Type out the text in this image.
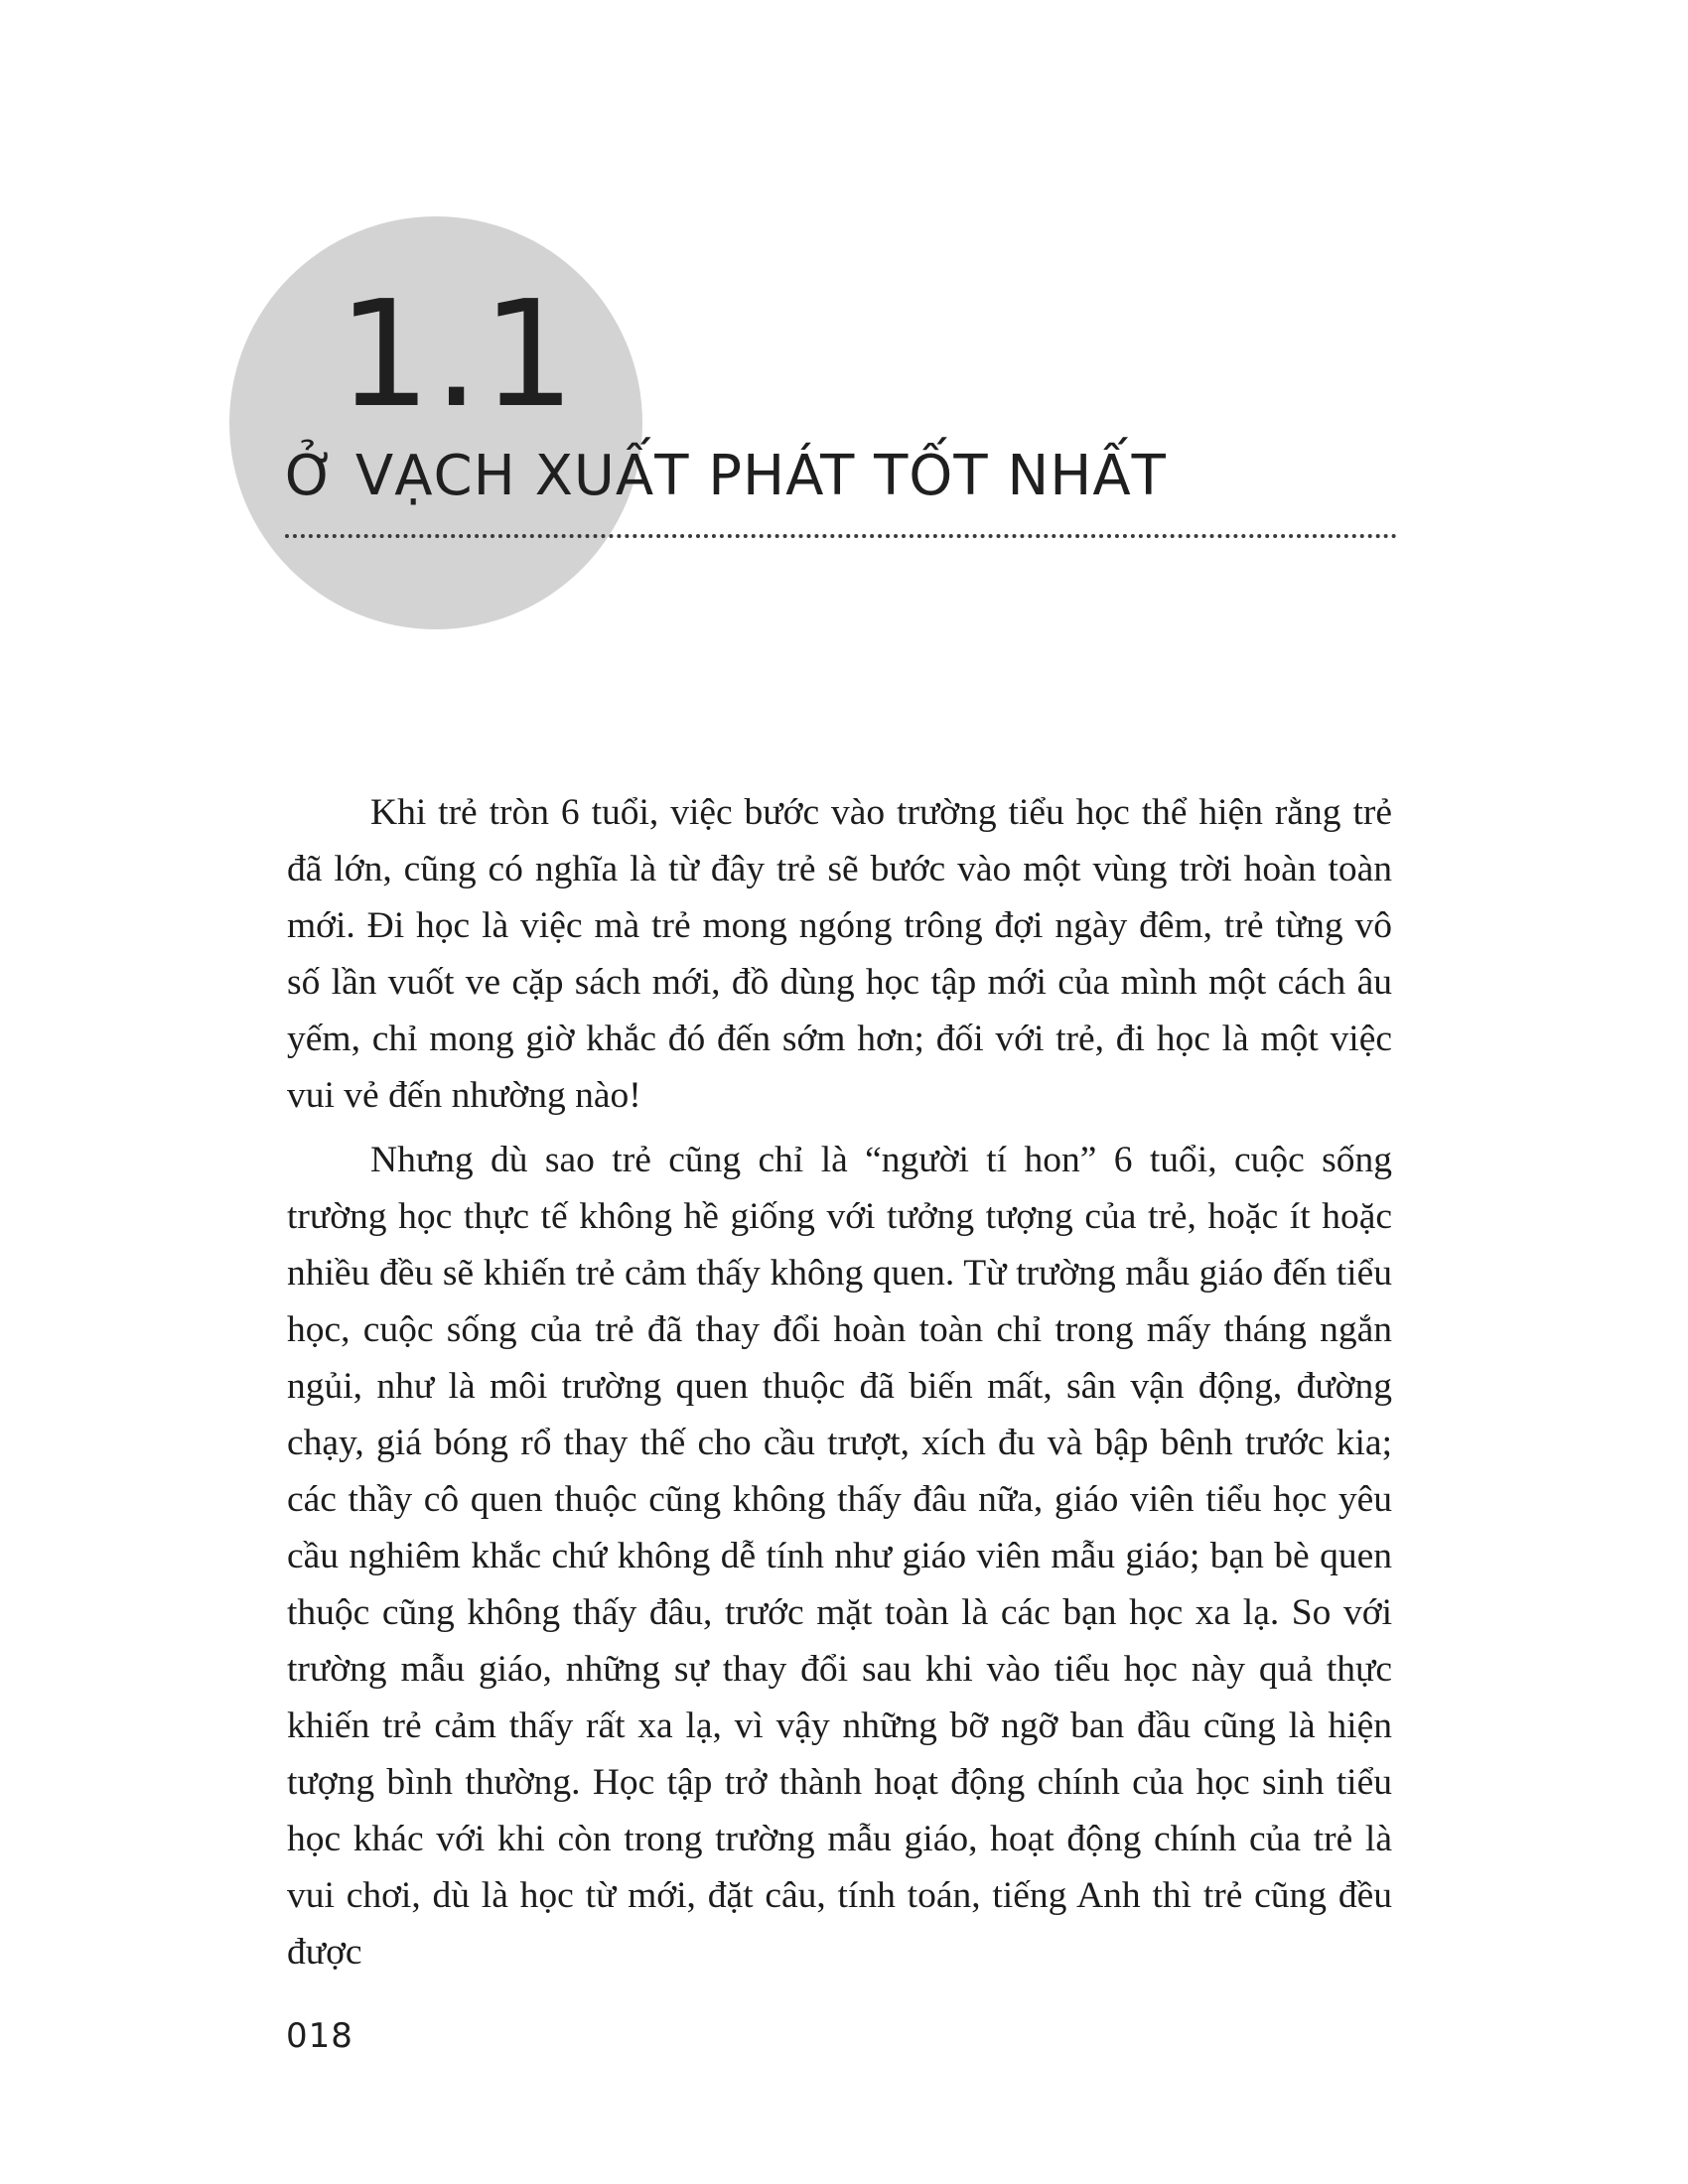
1.1
Ở VẠCH XUẤT PHÁT TỐT NHẤT

Khi trẻ tròn 6 tuổi, việc bước vào trường tiểu học thể hiện rằng trẻ đã lớn, cũng có nghĩa là từ đây trẻ sẽ bước vào một vùng trời hoàn toàn mới. Đi học là việc mà trẻ mong ngóng trông đợi ngày đêm, trẻ từng vô số lần vuốt ve cặp sách mới, đồ dùng học tập mới của mình một cách âu yếm, chỉ mong giờ khắc đó đến sớm hơn; đối với trẻ, đi học là một việc vui vẻ đến nhường nào!

Nhưng dù sao trẻ cũng chỉ là “người tí hon” 6 tuổi, cuộc sống trường học thực tế không hề giống với tưởng tượng của trẻ, hoặc ít hoặc nhiều đều sẽ khiến trẻ cảm thấy không quen. Từ trường mẫu giáo đến tiểu học, cuộc sống của trẻ đã thay đổi hoàn toàn chỉ trong mấy tháng ngắn ngủi, như là môi trường quen thuộc đã biến mất, sân vận động, đường chạy, giá bóng rổ thay thế cho cầu trượt, xích đu và bập bênh trước kia; các thầy cô quen thuộc cũng không thấy đâu nữa, giáo viên tiểu học yêu cầu nghiêm khắc chứ không dễ tính như giáo viên mẫu giáo; bạn bè quen thuộc cũng không thấy đâu, trước mặt toàn là các bạn học xa lạ. So với trường mẫu giáo, những sự thay đổi sau khi vào tiểu học này quả thực khiến trẻ cảm thấy rất xa lạ, vì vậy những bỡ ngỡ ban đầu cũng là hiện tượng bình thường. Học tập trở thành hoạt động chính của học sinh tiểu học khác với khi còn trong trường mẫu giáo, hoạt động chính của trẻ là vui chơi, dù là học từ mới, đặt câu, tính toán, tiếng Anh thì trẻ cũng đều được

018
